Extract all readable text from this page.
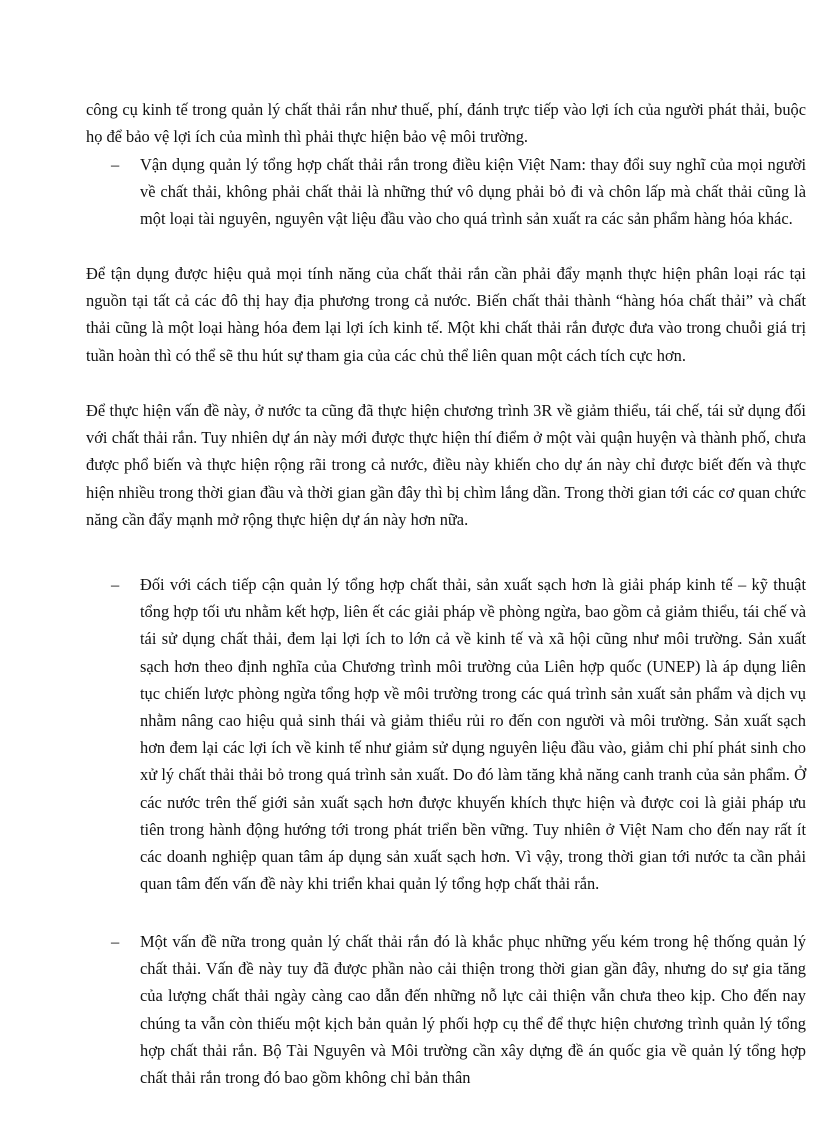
công cụ kinh tế trong quản lý chất thải rắn như thuế, phí, đánh trực tiếp vào lợi ích của người phát thải, buộc họ để bảo vệ lợi ích của mình thì phải thực hiện bảo vệ môi trường.

– Vận dụng quản lý tổng hợp chất thải rắn trong điều kiện Việt Nam: thay đổi suy nghĩ của mọi người về chất thải, không phải chất thải là những thứ vô dụng phải bỏ đi và chôn lấp mà chất thải cũng là một loại tài nguyên, nguyên vật liệu đầu vào cho quá trình sản xuất ra các sản phẩm hàng hóa khác.

Để tận dụng được hiệu quả mọi tính năng của chất thải rắn cần phải đẩy mạnh thực hiện phân loại rác tại nguồn tại tất cả các đô thị hay địa phương trong cả nước. Biến chất thải thành “hàng hóa chất thải” và chất thải cũng là một loại hàng hóa đem lại lợi ích kinh tế. Một khi chất thải rắn được đưa vào trong chuỗi giá trị tuần hoàn thì có thể sẽ thu hút sự tham gia của các chủ thể liên quan một cách tích cực hơn.

Để thực hiện vấn đề này, ở nước ta cũng đã thực hiện chương trình 3R về giảm thiểu, tái chế, tái sử dụng đối với chất thải rắn. Tuy nhiên dự án này mới được thực hiện thí điểm ở một vài quận huyện và thành phố, chưa được phổ biến và thực hiện rộng rãi trong cả nước, điều này khiến cho dự án này chỉ được biết đến và thực hiện nhiều trong thời gian đầu và thời gian gần đây thì bị chìm lắng dần. Trong thời gian tới các cơ quan chức năng cần đẩy mạnh mở rộng thực hiện dự án này hơn nữa.

– Đối với cách tiếp cận quản lý tổng hợp chất thải, sản xuất sạch hơn là giải pháp kinh tế – kỹ thuật tổng hợp tối ưu nhằm kết hợp, liên ết các giải pháp về phòng ngừa, bao gồm cả giảm thiểu, tái chế và tái sử dụng chất thải, đem lại lợi ích to lớn cả về kinh tế và xã hội cũng như môi trường. Sản xuất sạch hơn theo định nghĩa của Chương trình môi trường của Liên hợp quốc (UNEP) là áp dụng liên tục chiến lược phòng ngừa tổng hợp về môi trường trong các quá trình sản xuất sản phẩm và dịch vụ nhằm nâng cao hiệu quả sinh thái và giảm thiểu rủi ro đến con người và môi trường. Sản xuất sạch hơn đem lại các lợi ích về kinh tế như giảm sử dụng nguyên liệu đầu vào, giảm chi phí phát sinh cho xử lý chất thải thải bỏ trong quá trình sản xuất. Do đó làm tăng khả năng canh tranh của sản phẩm. Ở các nước trên thế giới sản xuất sạch hơn được khuyến khích thực hiện và được coi là giải pháp ưu tiên trong hành động hướng tới trong phát triển bền vững. Tuy nhiên ở Việt Nam cho đến nay rất ít các doanh nghiệp quan tâm áp dụng sản xuất sạch hơn. Vì vậy, trong thời gian tới nước ta cần phải quan tâm đến vấn đề này khi triển khai quản lý tổng hợp chất thải rắn.
– Một vấn đề nữa trong quản lý chất thải rắn đó là khắc phục những yếu kém trong hệ thống quản lý chất thải. Vấn đề này tuy đã được phần nào cải thiện trong thời gian gần đây, nhưng do sự gia tăng của lượng chất thải ngày càng cao dẫn đến những nỗ lực cải thiện vẫn chưa theo kịp. Cho đến nay chúng ta vẫn còn thiếu một kịch bản quản lý phối hợp cụ thể để thực hiện chương trình quản lý tổng hợp chất thải rắn. Bộ Tài Nguyên và Môi trường cần xây dựng đề án quốc gia về quản lý tổng hợp chất thải rắn trong đó bao gồm không chỉ bản thân
